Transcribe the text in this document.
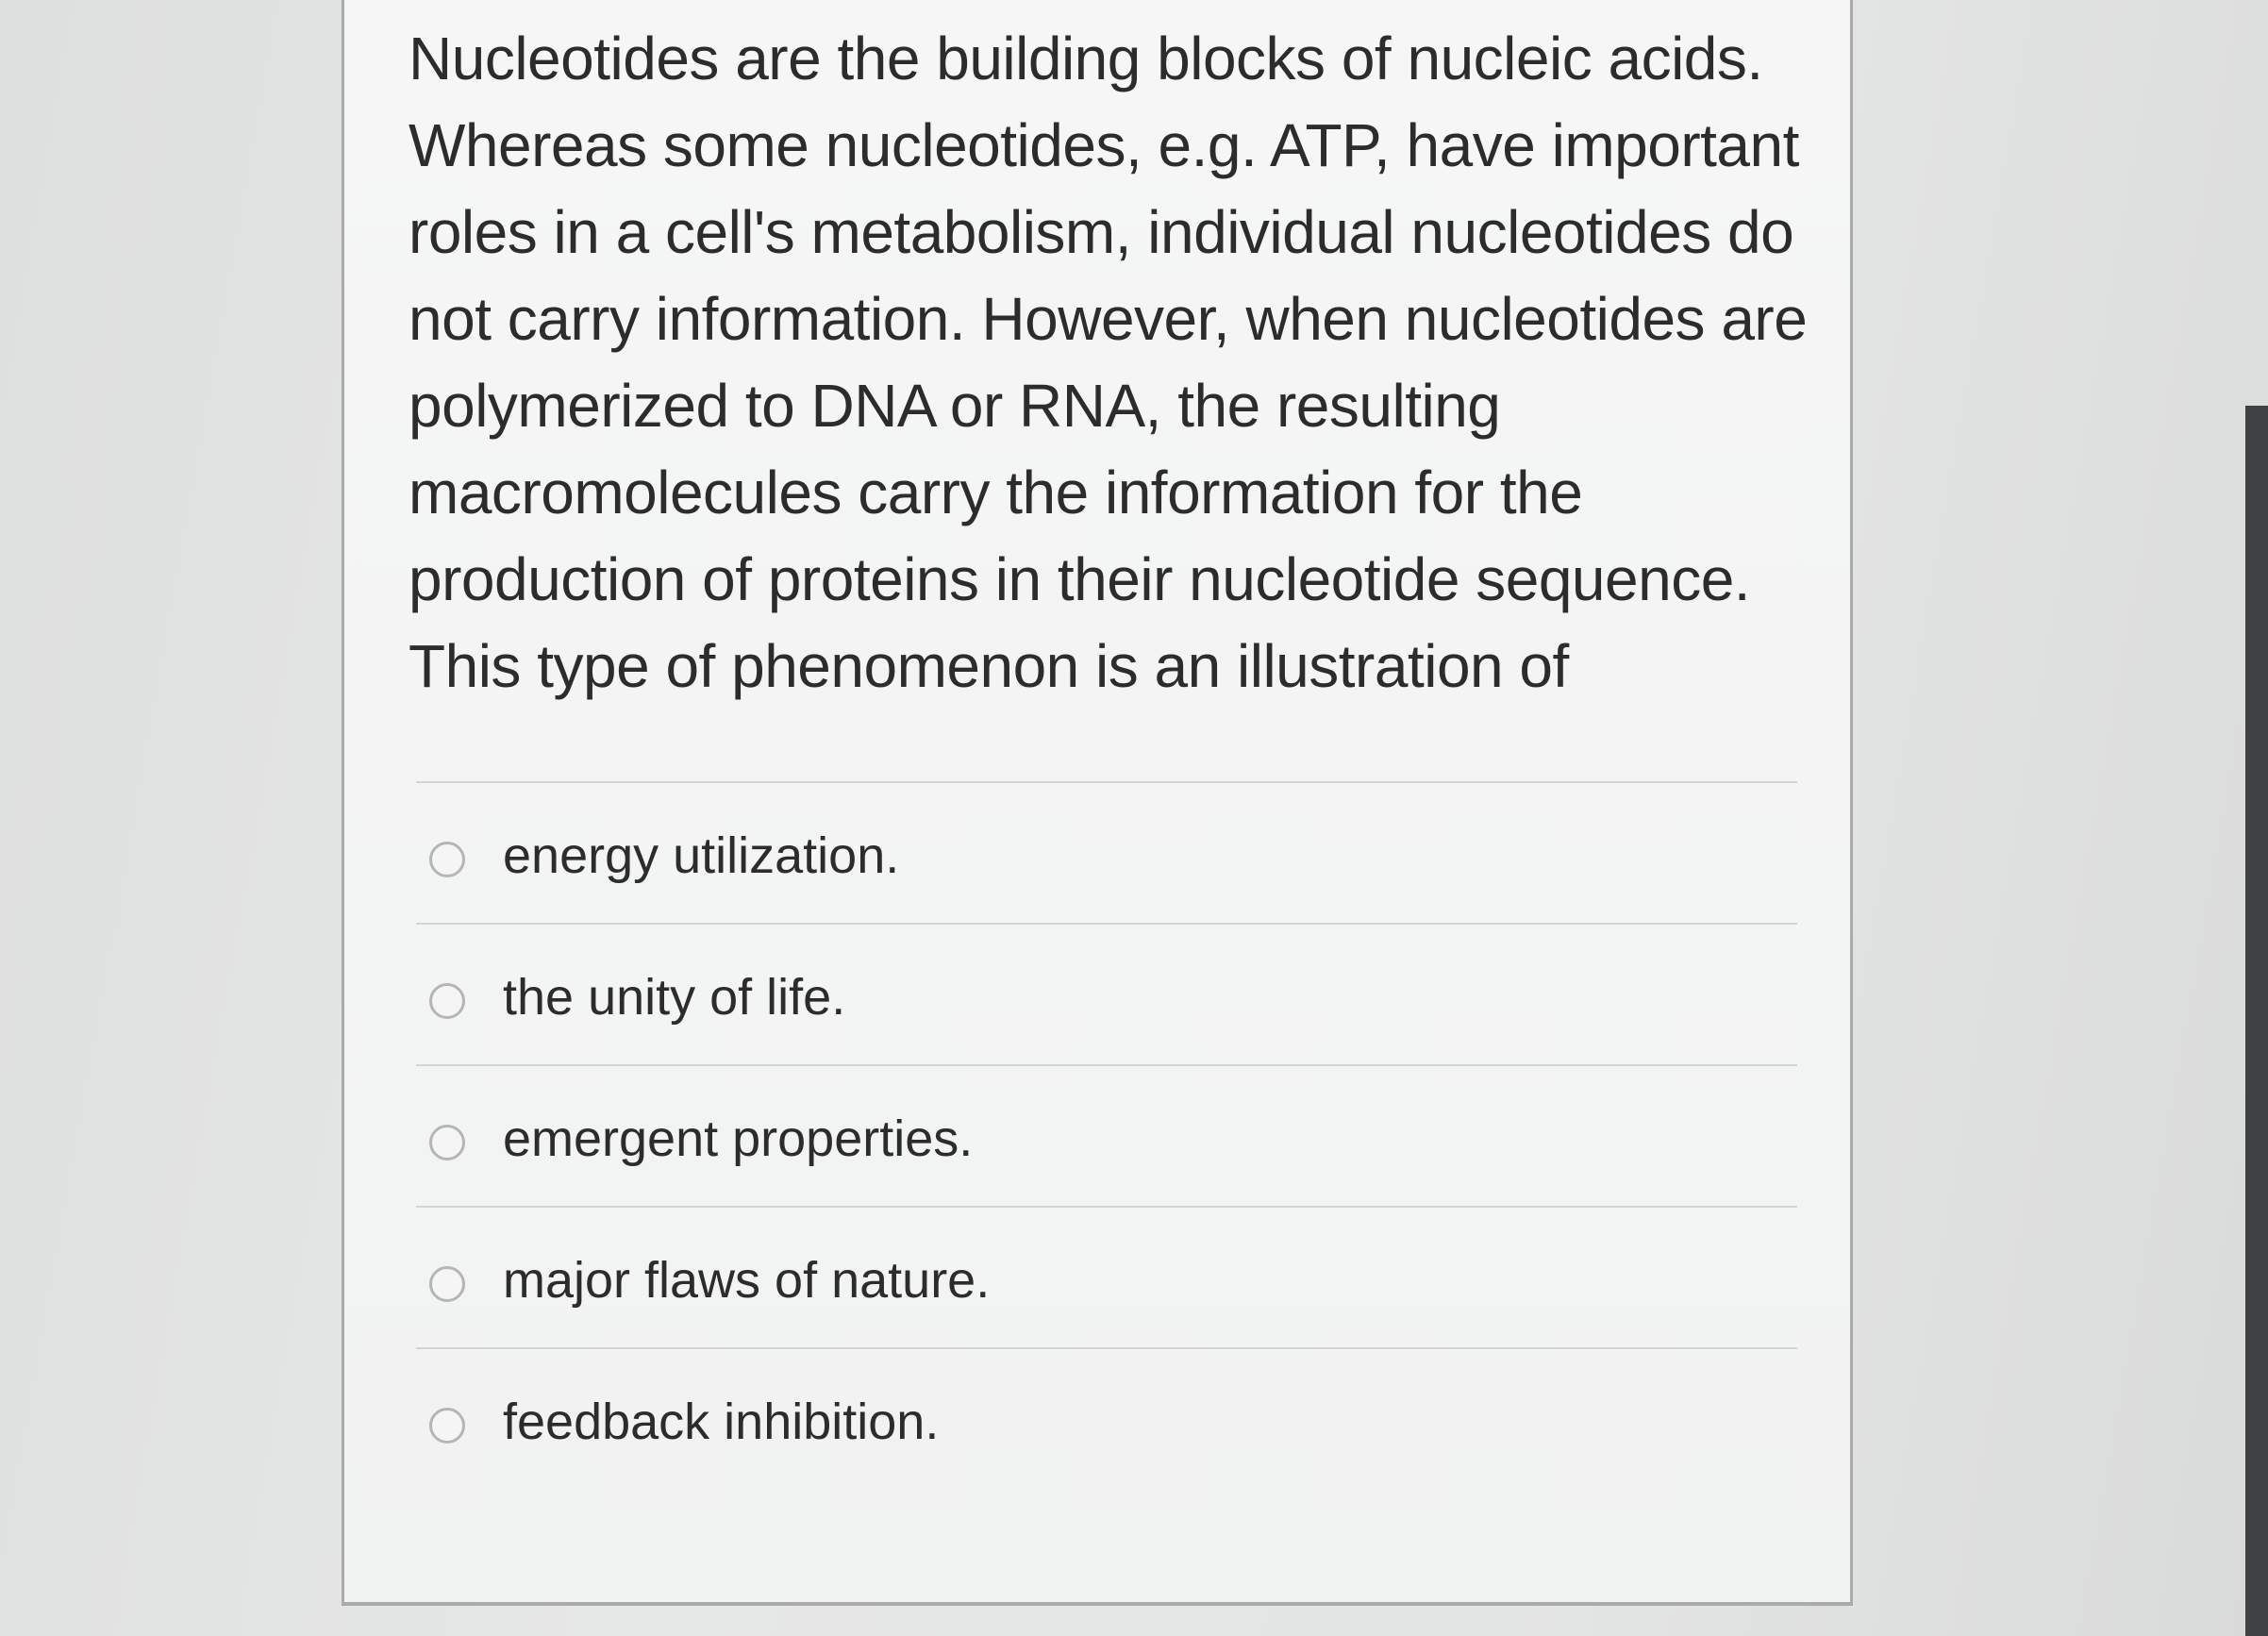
Nucleotides are the building blocks of nucleic acids. Whereas some nucleotides, e.g. ATP, have important roles in a cell's metabolism, individual nucleotides do not carry information. However, when nucleotides are polymerized to DNA or RNA, the resulting macromolecules carry the information for the production of proteins in their nucleotide sequence. This type of phenomenon is an illustration of

energy utilization.
the unity of life.
emergent properties.
major flaws of nature.
feedback inhibition.
